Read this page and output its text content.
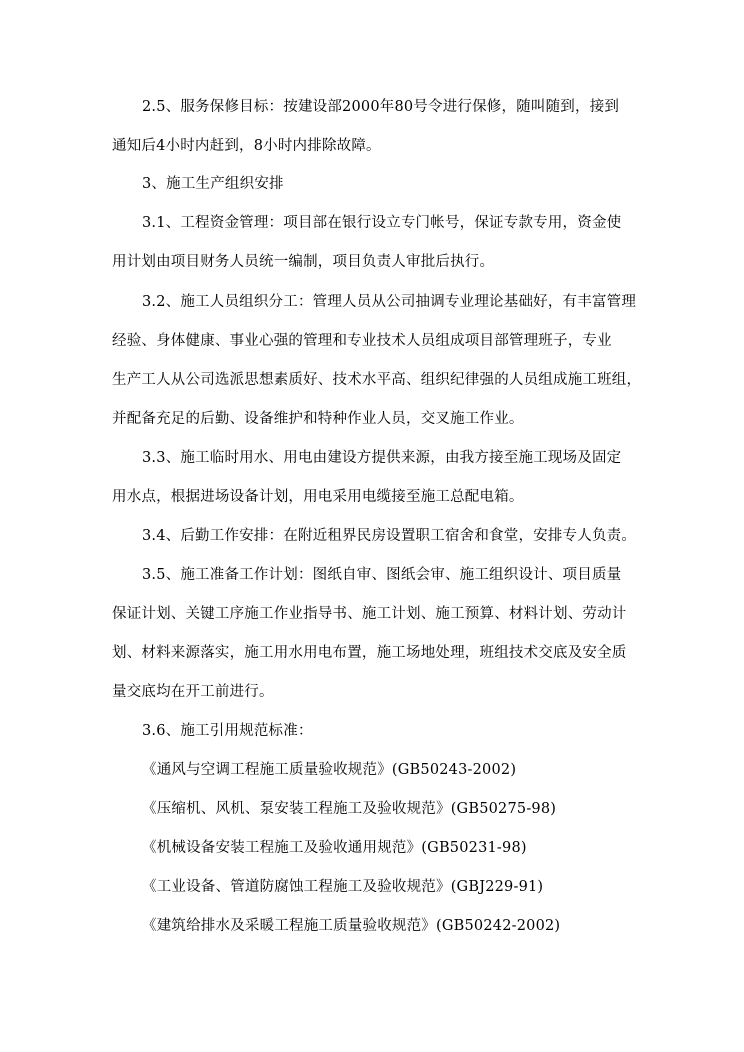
2.5、服务保修目标：按建设部2000年80号令进行保修，随叫随到，接到
通知后4小时内赶到，8小时内排除故障。
3、施工生产组织安排
3.1、工程资金管理：项目部在银行设立专门帐号，保证专款专用，资金使
用计划由项目财务人员统一编制，项目负责人审批后执行。
3.2、施工人员组织分工：管理人员从公司抽调专业理论基础好，有丰富管理
经验、身体健康、事业心强的管理和专业技术人员组成项目部管理班子，专业
生产工人从公司选派思想素质好、技术水平高、组织纪律强的人员组成施工班组，
并配备充足的后勤、设备维护和特种作业人员，交叉施工作业。
3.3、施工临时用水、用电由建设方提供来源，由我方接至施工现场及固定
用水点，根据进场设备计划，用电采用电缆接至施工总配电箱。
3.4、后勤工作安排：在附近租界民房设置职工宿舍和食堂，安排专人负责。
3.5、施工准备工作计划：图纸自审、图纸会审、施工组织设计、项目质量
保证计划、关键工序施工作业指导书、施工计划、施工预算、材料计划、劳动计
划、材料来源落实，施工用水用电布置，施工场地处理，班组技术交底及安全质
量交底均在开工前进行。
3.6、施工引用规范标准：
《通风与空调工程施工质量验收规范》(GB50243-2002)
《压缩机、风机、泵安装工程施工及验收规范》(GB50275-98)
《机械设备安装工程施工及验收通用规范》(GB50231-98)
《工业设备、管道防腐蚀工程施工及验收规范》(GBJ229-91)
《建筑给排水及采暖工程施工质量验收规范》(GB50242-2002)
